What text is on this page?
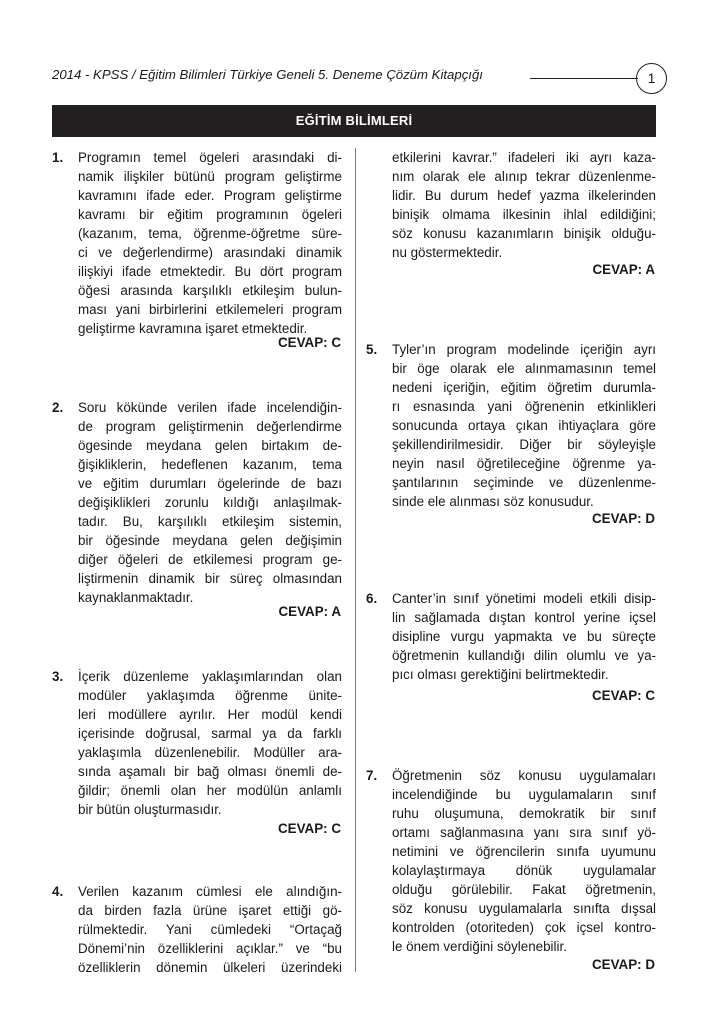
2014 - KPSS / Eğitim Bilimleri Türkiye Geneli 5. Deneme Çözüm Kitapçığı	1
EĞİTİM BİLİMLERİ
1. Programın temel ögeleri arasındaki di-
namik ilişkiler bütünü program geliştirme
kavramını ifade eder. Program geliştirme
kavramı bir eğitim programının ögeleri
(kazanım, tema, öğrenme-öğretme süre-
ci ve değerlendirme) arasındaki dinamik
ilişkiyi ifade etmektedir. Bu dört program
öğesi arasında karşılıklı etkileşim bulun-
ması yani birbirlerini etkilemeleri program
geliştirme kavramına işaret etmektedir.
CEVAP: C
2. Soru kökünde verilen ifade incelendiğin-
de program geliştirmenin değerlendirme
ögesinde meydana gelen birtakım de-
ğişikliklerin, hedeflenen kazanım, tema
ve eğitim durumları ögelerinde de bazı
değişiklikleri zorunlu kıldığı anlaşılmak-
tadır. Bu, karşılıklı etkileşim sistemin,
bir öğesinde meydana gelen değişimin
diğer öğeleri de etkilemesi program ge-
liştirmenin dinamik bir süreç olmasından
kaynaklanmaktadır.
CEVAP: A
3. İçerik düzenleme yaklaşımlarından olan
modüler yaklaşımda öğrenme ünite-
leri modüllere ayrılır. Her modül kendi
içerisinde doğrusal, sarmal ya da farklı
yaklaşımla düzenlenebilir. Modüller ara-
sında aşamalı bir bağ olması önemli de-
ğildir; önemli olan her modülün anlamlı
bir bütün oluşturmasıdır.
CEVAP: C
4. Verilen kazanım cümlesi ele alındığın-
da birden fazla ürüne işaret ettiği gö-
rülmektedir. Yani cümledeki “Ortaçağ
Dönemi’nin özelliklerini açıklar.” ve “bu
özelliklerin dönemin ülkeleri üzerindeki
etkilerini kavrar.” ifadeleri iki ayrı kaza-
nım olarak ele alınıp tekrar düzenlenme-
lidir. Bu durum hedef yazma ilkelerinden
binişik olmama ilkesinin ihlal edildiğini;
söz konusu kazanımların binişik olduğu-
nu göstermektedir.
CEVAP: A
5. Tyler’ın program modelinde içeriğin ayrı
bir öge olarak ele alınmamasının temel
nedeni içeriğin, eğitim öğretim durumla-
rı esnasında yani öğrenenin etkinlikleri
sonucunda ortaya çıkan ihtiyaçlara göre
şekillendirilmesidir. Diğer bir söyleyişle
neyin nasıl öğretileceğine öğrenme ya-
şantılarının seçiminde ve düzenlenme-
sinde ele alınması söz konusudur.
CEVAP: D
6. Canter’in sınıf yönetimi modeli etkili disip-
lin sağlamada dıştan kontrol yerine içsel
disipline vurgu yapmakta ve bu süreçte
öğretmenin kullandığı dilin olumlu ve ya-
pıcı olması gerektiğini belirtmektedir.
CEVAP: C
7. Öğretmenin söz konusu uygulamaları
incelendiğinde bu uygulamaların sınıf
ruhu oluşumuna, demokratik bir sınıf
ortamı sağlanmasına yanı sıra sınıf yö-
netimini ve öğrencilerin sınıfa uyumunu
kolaylaştırmaya dönük uygulamalar
olduğu görülebilir. Fakat öğretmenin,
söz konusu uygulamalarla sınıfta dışsal
kontrolden (otoriteden) çok içsel kontro-
le önem verdiğini söylenebilir.
CEVAP: D
